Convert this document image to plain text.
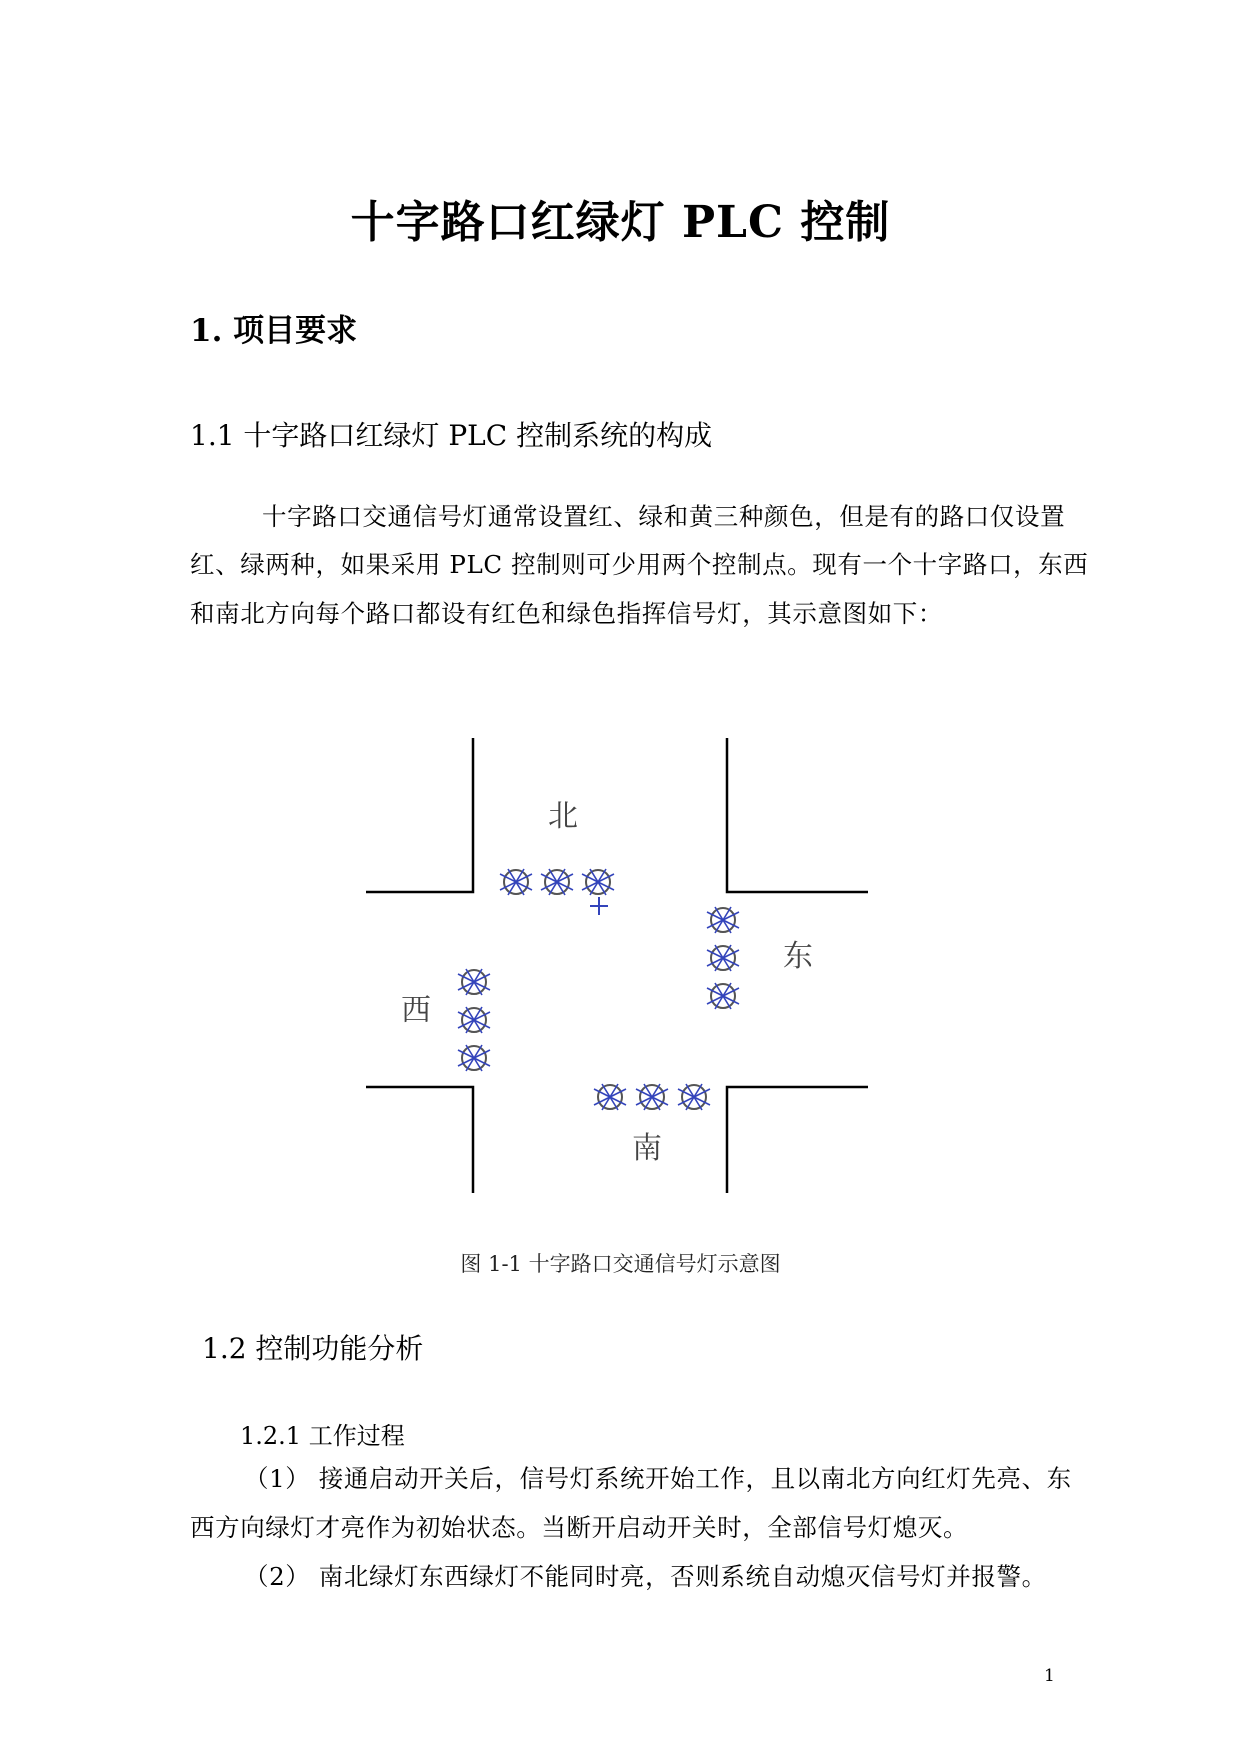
十字路口红绿灯 PLC 控制
1. 项目要求
1.1 十字路口红绿灯 PLC 控制系统的构成
十字路口交通信号灯通常设置红、绿和黄三种颜色，但是有的路口仅设置
红、绿两种，如果采用 PLC 控制则可少用两个控制点。现有一个十字路口，东西
和南北方向每个路口都设有红色和绿色指挥信号灯，其示意图如下：
北
东
西
南
图 1-1 十字路口交通信号灯示意图
1.2 控制功能分析
1.2.1 工作过程
（1） 接通启动开关后，信号灯系统开始工作，且以南北方向红灯先亮、东
西方向绿灯才亮作为初始状态。当断开启动开关时，全部信号灯熄灭。
（2） 南北绿灯东西绿灯不能同时亮，否则系统自动熄灭信号灯并报警。
1
